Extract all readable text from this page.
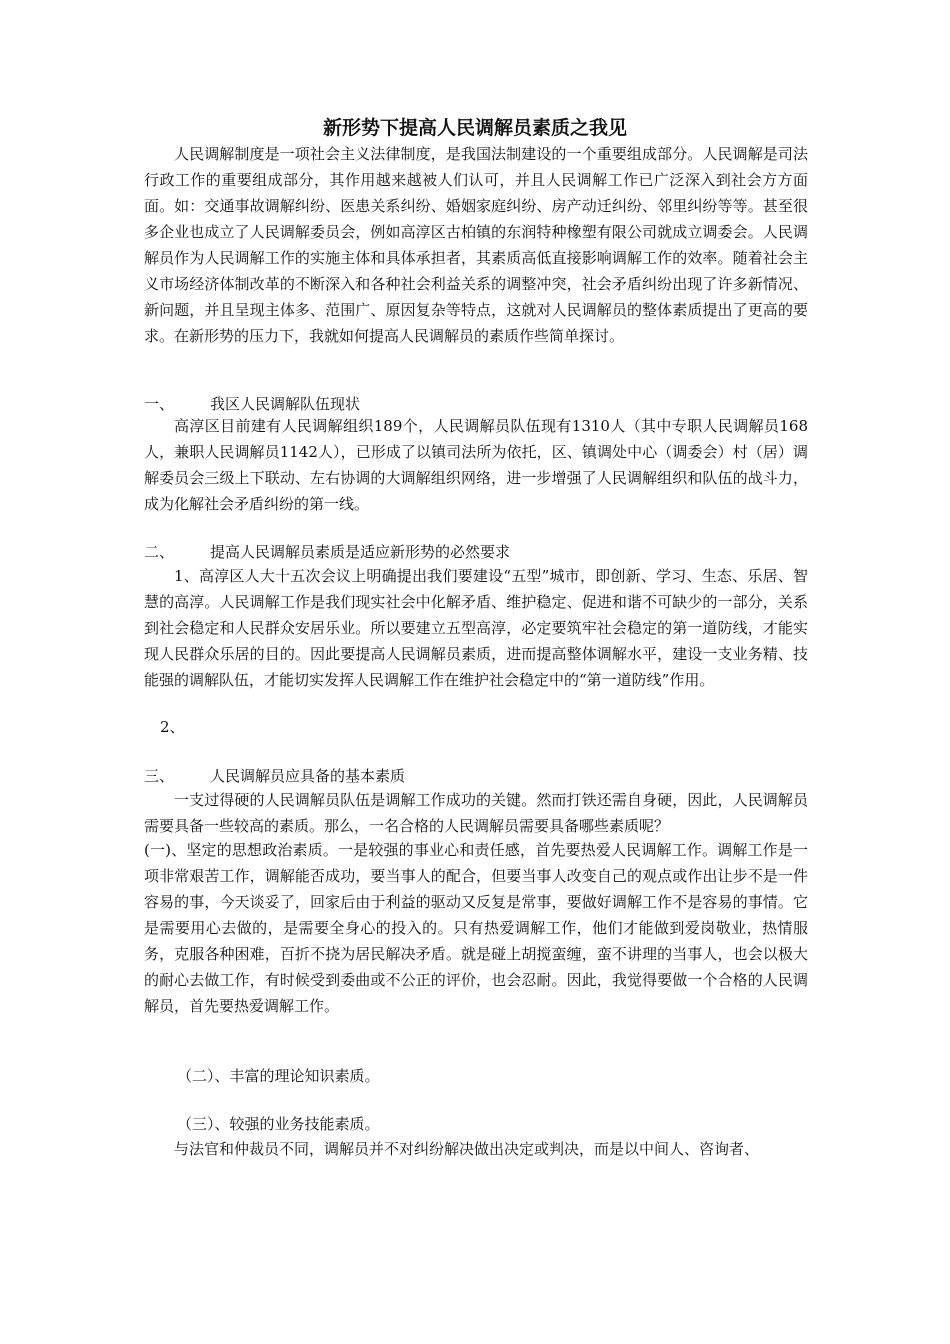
新形势下提高人民调解员素质之我见

人民调解制度是一项社会主义法律制度，是我国法制建设的一个重要组成部分。人民调解是司法行政工作的重要组成部分，其作用越来越被人们认可，并且人民调解工作已广泛深入到社会方方面面。如：交通事故调解纠纷、医患关系纠纷、婚姻家庭纠纷、房产动迁纠纷、邻里纠纷等等。甚至很多企业也成立了人民调解委员会，例如高淳区古柏镇的东润特种橡塑有限公司就成立调委会。人民调解员作为人民调解工作的实施主体和具体承担者，其素质高低直接影响调解工作的效率。随着社会主义市场经济体制改革的不断深入和各种社会利益关系的调整冲突，社会矛盾纠纷出现了许多新情况、新问题，并且呈现主体多、范围广、原因复杂等特点，这就对人民调解员的整体素质提出了更高的要求。在新形势的压力下，我就如何提高人民调解员的素质作些简单探讨。

一、 我区人民调解队伍现状

高淳区目前建有人民调解组织189个，人民调解员队伍现有1310人（其中专职人民调解员168人，兼职人民调解员1142人），已形成了以镇司法所为依托，区、镇调处中心（调委会）村（居）调解委员会三级上下联动、左右协调的大调解组织网络，进一步增强了人民调解组织和队伍的战斗力，成为化解社会矛盾纠纷的第一线。

二、 提高人民调解员素质是适应新形势的必然要求

1、高淳区人大十五次会议上明确提出我们要建设“五型”城市，即创新、学习、生态、乐居、智慧的高淳。人民调解工作是我们现实社会中化解矛盾、维护稳定、促进和谐不可缺少的一部分，关系到社会稳定和人民群众安居乐业。所以要建立五型高淳，必定要筑牢社会稳定的第一道防线，才能实现人民群众乐居的目的。因此要提高人民调解员素质，进而提高整体调解水平，建设一支业务精、技能强的调解队伍，才能切实发挥人民调解工作在维护社会稳定中的“第一道防线”作用。

2、
三、 人民调解员应具备的基本素质

一支过得硬的人民调解员队伍是调解工作成功的关键。然而打铁还需自身硬，因此，人民调解员需要具备一些较高的素质。那么，一名合格的人民调解员需要具备哪些素质呢？

(一)、坚定的思想政治素质。一是较强的事业心和责任感，首先要热爱人民调解工作。调解工作是一项非常艰苦工作，调解能否成功，要当事人的配合，但要当事人改变自己的观点或作出让步不是一件容易的事，今天谈妥了，回家后由于利益的驱动又反复是常事，要做好调解工作不是容易的事情。它是需要用心去做的，是需要全身心的投入的。只有热爱调解工作，他们才能做到爱岗敬业，热情服务，克服各种困难，百折不挠为居民解决矛盾。就是碰上胡搅蛮缠，蛮不讲理的当事人，也会以极大的耐心去做工作，有时候受到委曲或不公正的评价，也会忍耐。因此，我觉得要做一个合格的人民调解员，首先要热爱调解工作。

（二）、丰富的理论知识素质。
（三）、较强的业务技能素质。

与法官和仲裁员不同，调解员并不对纠纷解决做出决定或判决，而是以中间人、咨询者、
